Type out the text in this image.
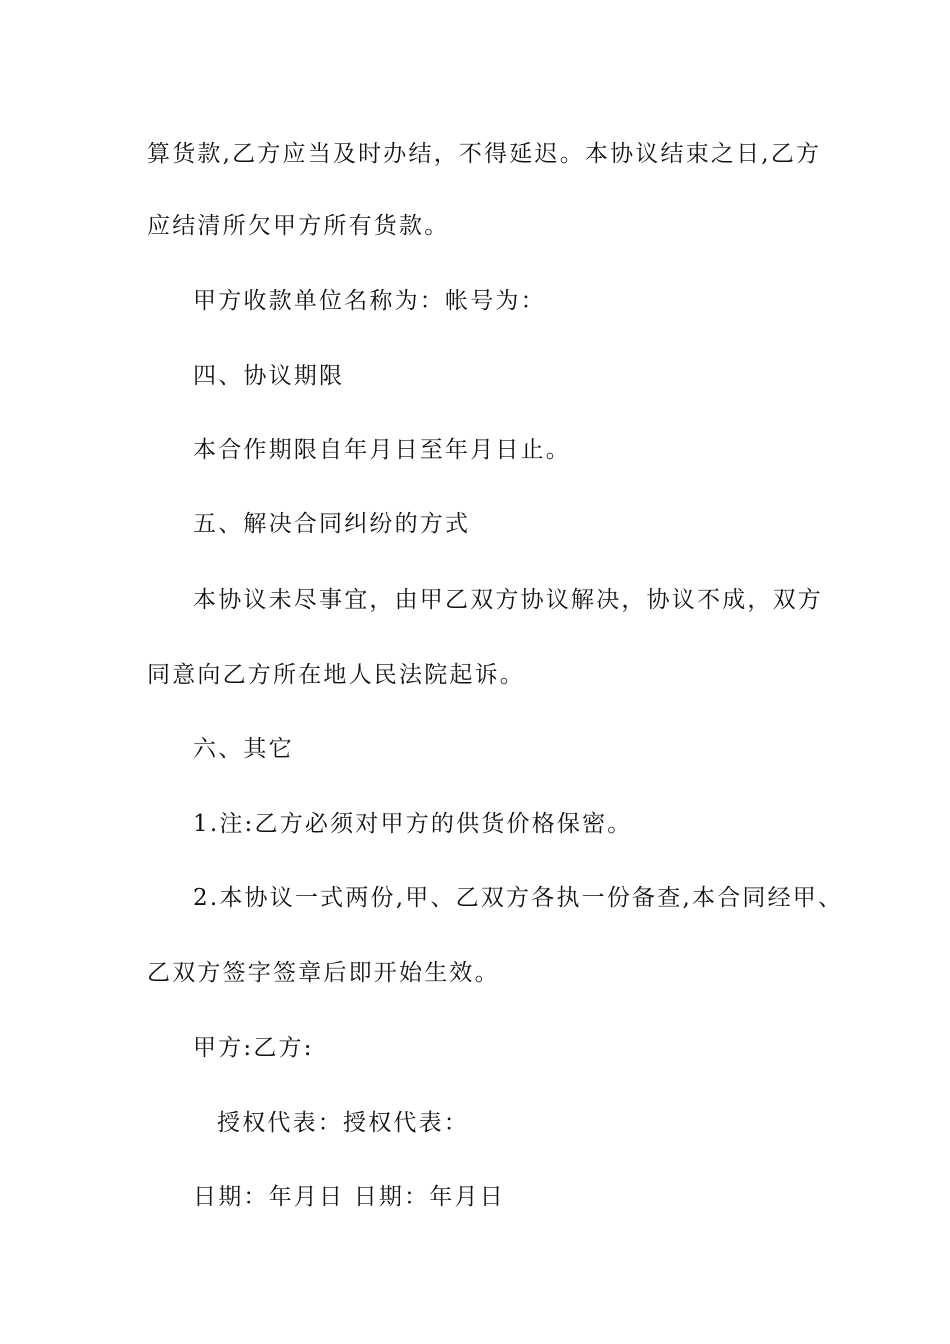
算货款,乙方应当及时办结，不得延迟。本协议结束之日,乙方
应结清所欠甲方所有货款。
甲方收款单位名称为：帐号为：
四、协议期限
本合作期限自年月日至年月日止。
五、解决合同纠纷的方式
本协议未尽事宜，由甲乙双方协议解决，协议不成，双方
同意向乙方所在地人民法院起诉。
六、其它
1.注:乙方必须对甲方的供货价格保密。
2.本协议一式两份,甲、乙双方各执一份备查,本合同经甲、
乙双方签字签章后即开始生效。
甲方:乙方:
授权代表：授权代表：
日期：年月日 日期：年月日
